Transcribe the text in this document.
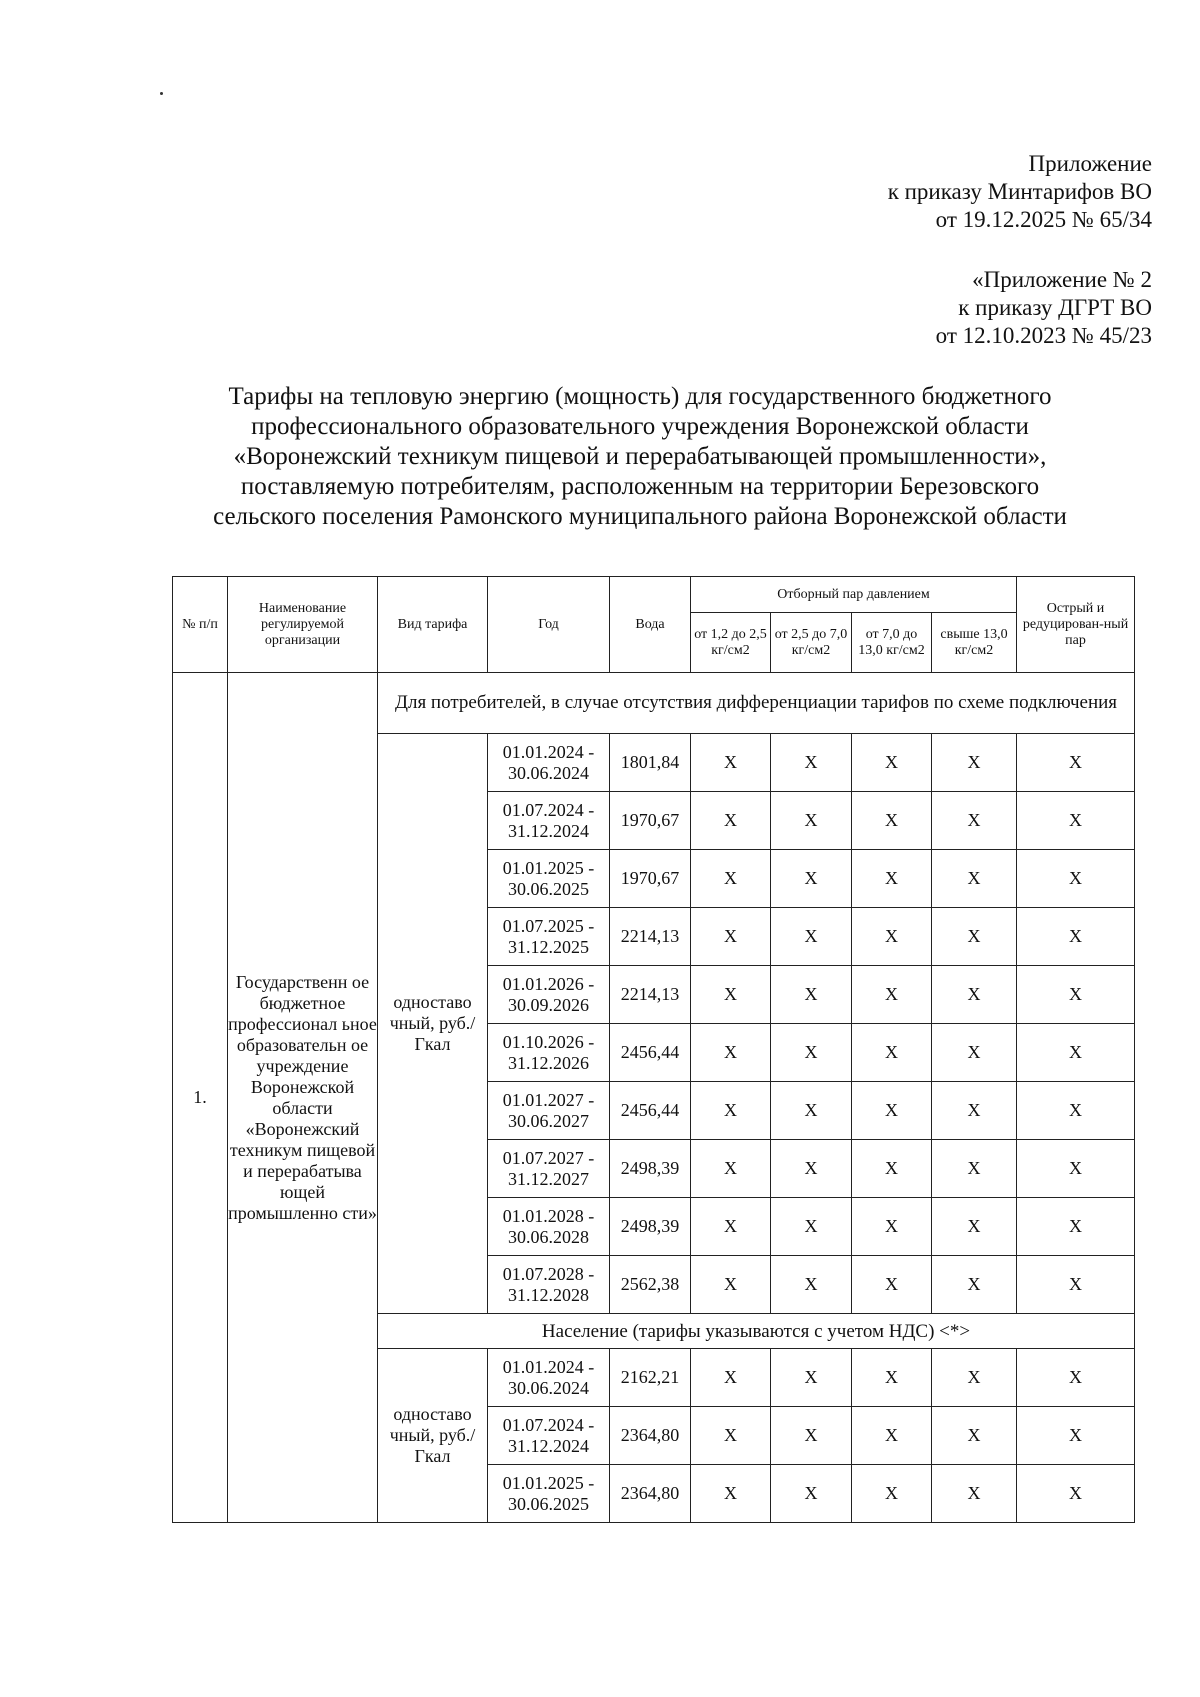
Приложение
к приказу Минтарифов ВО
от 19.12.2025 № 65/34
«Приложение № 2
к приказу ДГРТ ВО
от 12.10.2023 № 45/23
Тарифы на тепловую энергию (мощность) для государственного бюджетного
профессионального образовательного учреждения Воронежской области
«Воронежский техникум пищевой и перерабатывающей промышленности»,
поставляемую потребителям, расположенным на территории Березовского
сельского поселения Рамонского муниципального района Воронежской области
№ п/п	Наименование регулируемой организации	Вид тарифа	Год	Вода	Отборный пар давлением				Острый и редуцирован-ный пар
					от 1,2 до 2,5 кг/см2	от 2,5 до 7,0 кг/см2	от 7,0 до 13,0 кг/см2	свыше 13,0 кг/см2	
1.	Государственн ое бюджетное профессионал ьное образовательн ое учреждение Воронежской области «Воронежский техникум пищевой и перерабатыва ющей промышленно сти»	Для потребителей, в случае отсутствия дифференциации тарифов по схеме подключения							
		одноставо чный, руб./Гкал	01.01.2024 - 30.06.2024	1801,84	X	X	X	X	X
			01.07.2024 - 31.12.2024	1970,67	X	X	X	X	X
			01.01.2025 - 30.06.2025	1970,67	X	X	X	X	X
			01.07.2025 - 31.12.2025	2214,13	X	X	X	X	X
			01.01.2026 - 30.09.2026	2214,13	X	X	X	X	X
			01.10.2026 - 31.12.2026	2456,44	X	X	X	X	X
			01.01.2027 - 30.06.2027	2456,44	X	X	X	X	X
			01.07.2027 - 31.12.2027	2498,39	X	X	X	X	X
			01.01.2028 - 30.06.2028	2498,39	X	X	X	X	X
			01.07.2028 - 31.12.2028	2562,38	X	X	X	X	X
		Население (тарифы указываются с учетом НДС) <*>							
		одноставо чный, руб./Гкал	01.01.2024 - 30.06.2024	2162,21	X	X	X	X	X
			01.07.2024 - 31.12.2024	2364,80	X	X	X	X	X
			01.01.2025 - 30.06.2025	2364,80	X	X	X	X	X
